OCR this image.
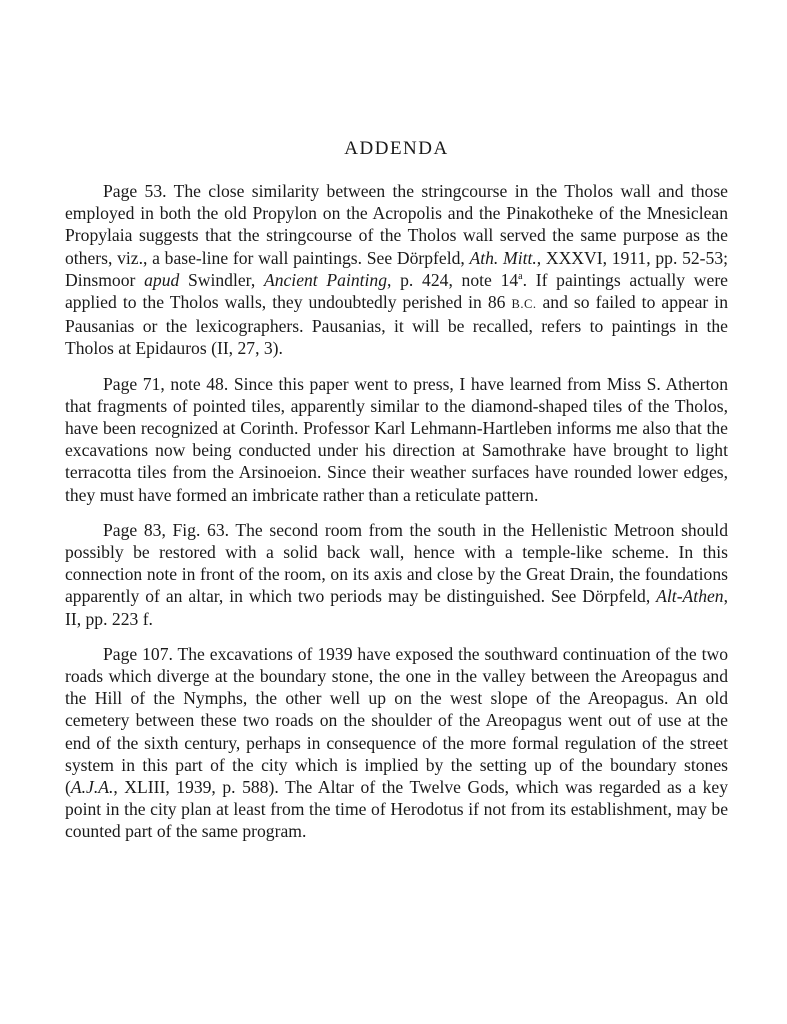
ADDENDA

Page 53. The close similarity between the stringcourse in the Tholos wall and those employed in both the old Propylon on the Acropolis and the Pinakotheke of the Mnesiclean Propylaia suggests that the stringcourse of the Tholos wall served the same purpose as the others, viz., a base-line for wall paintings. See Dörpfeld, Ath. Mitt., XXXVI, 1911, pp. 52-53; Dinsmoor apud Swindler, Ancient Painting, p. 424, note 14$^a$. If paintings actually were applied to the Tholos walls, they undoubtedly perished in 86 B.C. and so failed to appear in Pausanias or the lexicographers. Pausanias, it will be recalled, refers to paintings in the Tholos at Epidauros (II, 27, 3).

Page 71, note 48. Since this paper went to press, I have learned from Miss S. Atherton that fragments of pointed tiles, apparently similar to the diamond-shaped tiles of the Tholos, have been recognized at Corinth. Professor Karl Lehmann-Hartleben informs me also that the excavations now being conducted under his direction at Samothrake have brought to light terracotta tiles from the Arsinoeion. Since their weather surfaces have rounded lower edges, they must have formed an imbricate rather than a reticulate pattern.

Page 83, Fig. 63. The second room from the south in the Hellenistic Metroon should possibly be restored with a solid back wall, hence with a temple-like scheme. In this connection note in front of the room, on its axis and close by the Great Drain, the foundations apparently of an altar, in which two periods may be distinguished. See Dörpfeld, Alt-Athen, II, pp. 223 f.

Page 107. The excavations of 1939 have exposed the southward continuation of the two roads which diverge at the boundary stone, the one in the valley between the Areopagus and the Hill of the Nymphs, the other well up on the west slope of the Areopagus. An old cemetery between these two roads on the shoulder of the Areopagus went out of use at the end of the sixth century, perhaps in consequence of the more formal regulation of the street system in this part of the city which is implied by the setting up of the boundary stones (A.J.A., XLIII, 1939, p. 588). The Altar of the Twelve Gods, which was regarded as a key point in the city plan at least from the time of Herodotus if not from its establishment, may be counted part of the same program.
